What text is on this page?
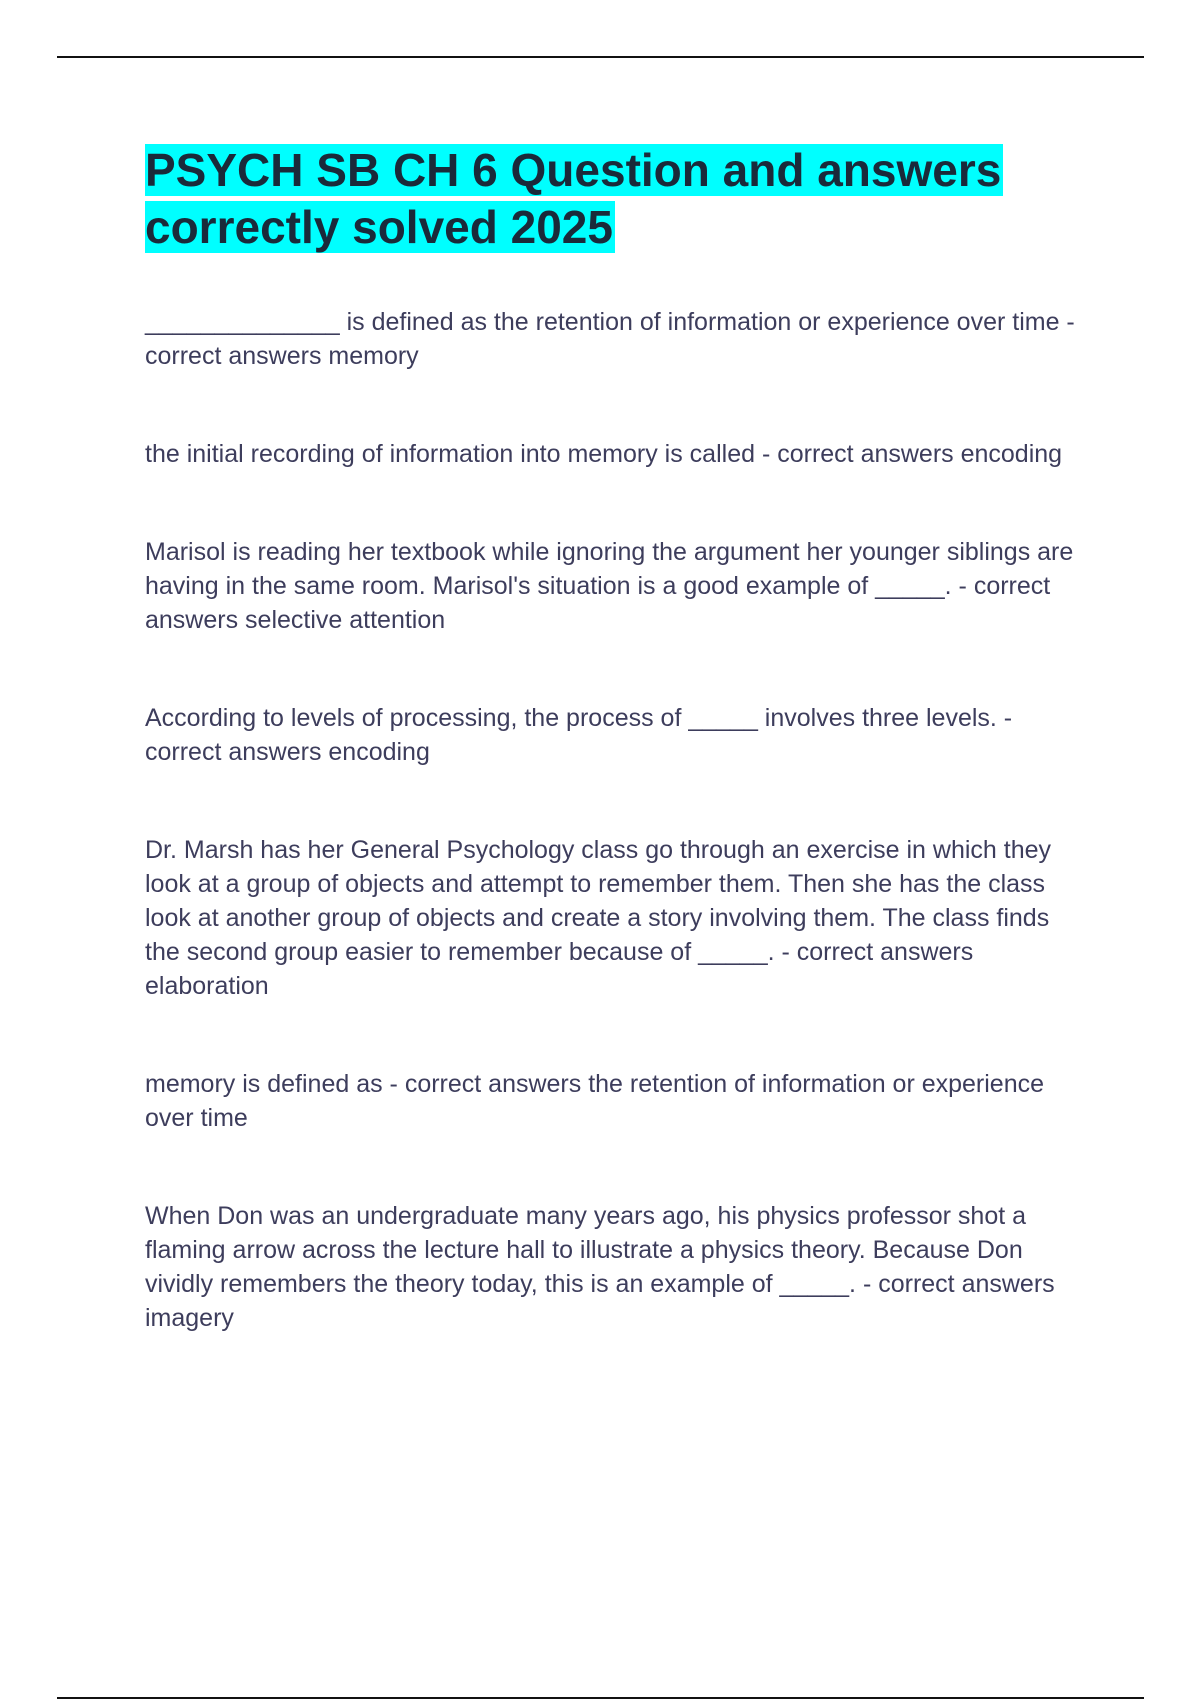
PSYCH SB CH 6 Question and answers correctly solved 2025

______________ is defined as the retention of information or experience over time - correct answers memory

the initial recording of information into memory is called - correct answers encoding

Marisol is reading her textbook while ignoring the argument her younger siblings are having in the same room. Marisol's situation is a good example of _____. - correct answers selective attention

According to levels of processing, the process of _____ involves three levels. - correct answers encoding

Dr. Marsh has her General Psychology class go through an exercise in which they look at a group of objects and attempt to remember them. Then she has the class look at another group of objects and create a story involving them. The class finds the second group easier to remember because of _____. - correct answers elaboration

memory is defined as - correct answers the retention of information or experience over time

When Don was an undergraduate many years ago, his physics professor shot a flaming arrow across the lecture hall to illustrate a physics theory. Because Don vividly remembers the theory today, this is an example of _____. - correct answers imagery
